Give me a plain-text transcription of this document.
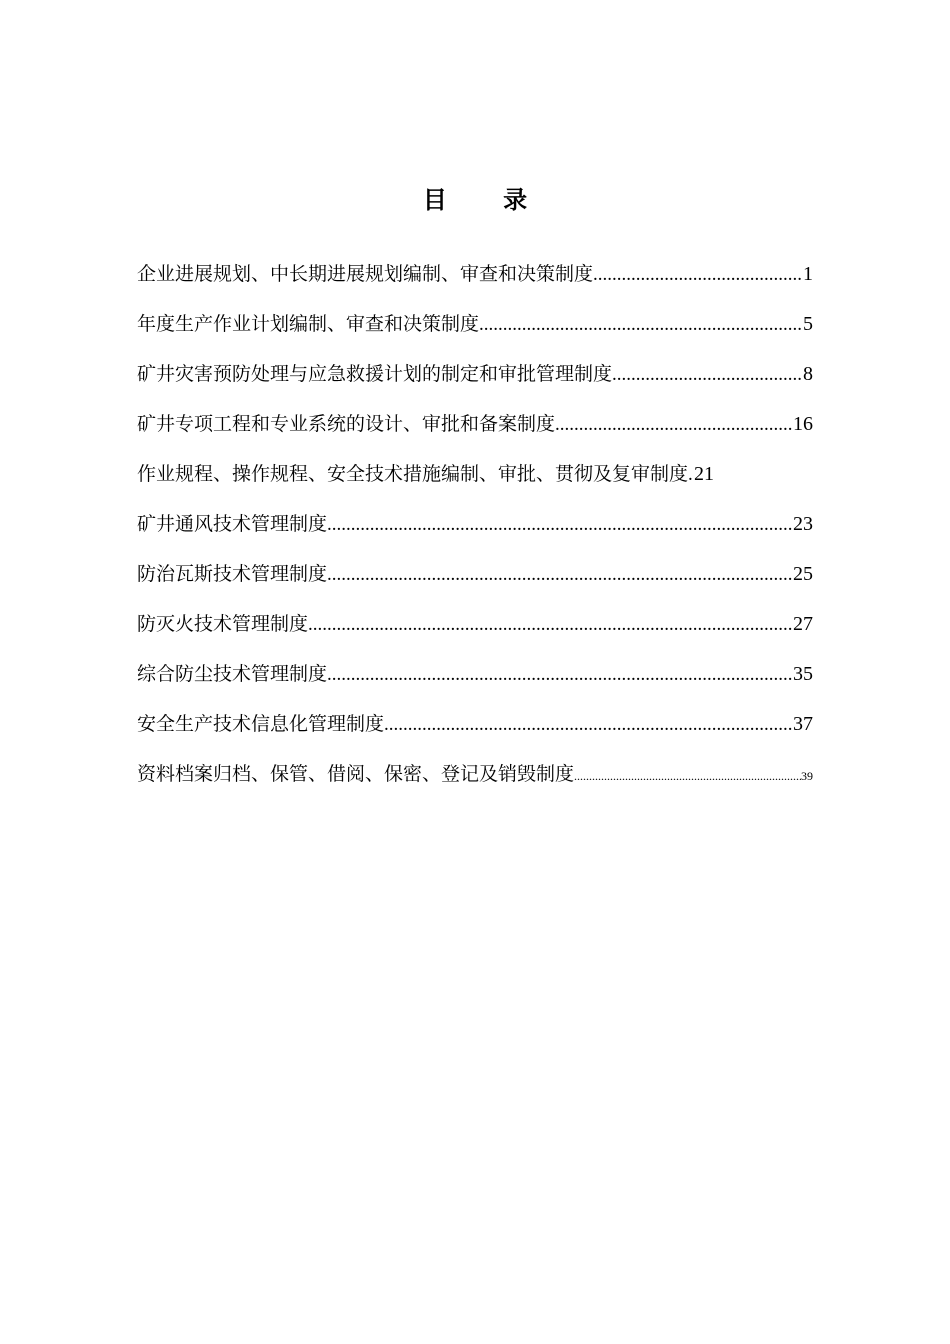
目 录
企业进展规划、中长期进展规划编制、审查和决策制度 .....	1
年度生产作业计划编制、审查和决策制度 .....	5
矿井灾害预防处理与应急救援计划的制定和审批管理制度 .....	8
矿井专项工程和专业系统的设计、审批和备案制度 .....	16
作业规程、操作规程、安全技术措施编制、审批、贯彻及复审制度 ..... 21
矿井通风技术管理制度 .....	23
防治瓦斯技术管理制度 .....	25
防灭火技术管理制度 .....	27
综合防尘技术管理制度 .....	35
安全生产技术信息化管理制度 .....	37
资料档案归档、保管、借阅、保密、登记及销毁制度 .....	39
